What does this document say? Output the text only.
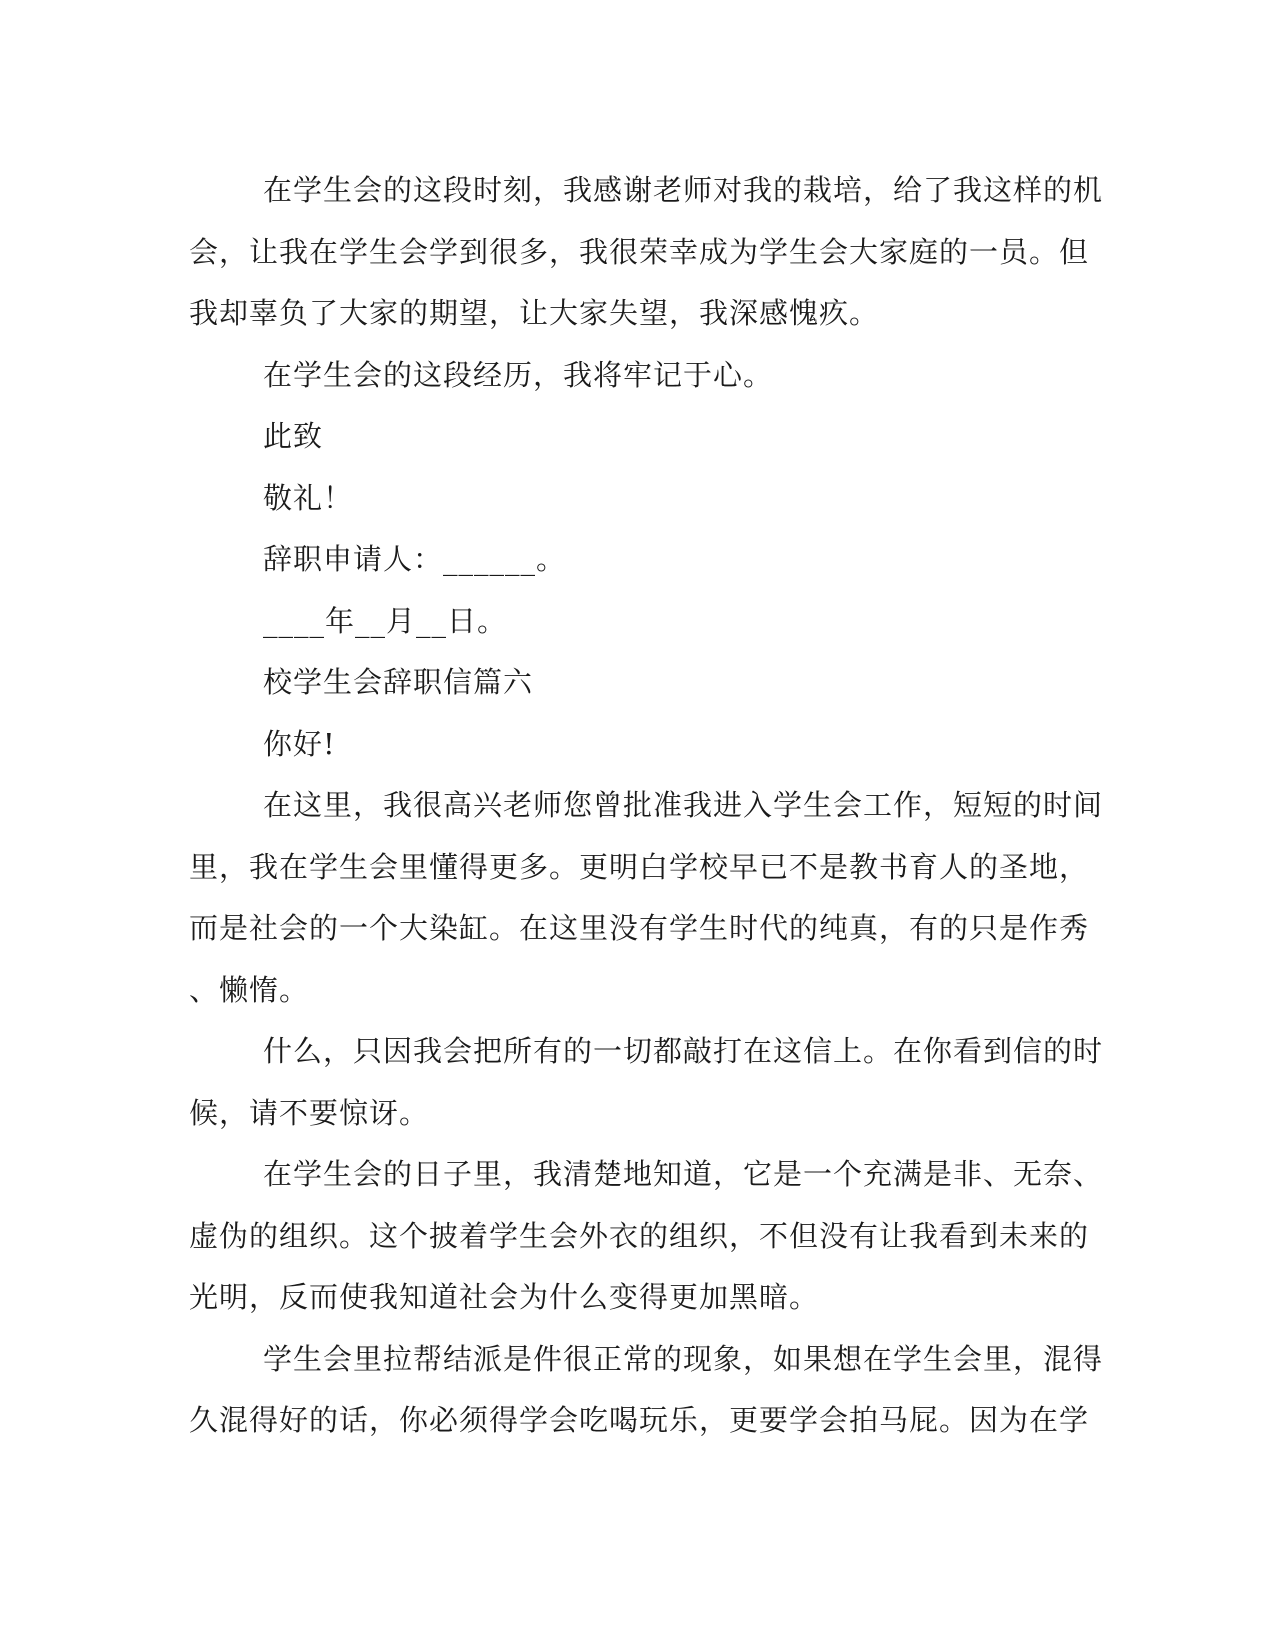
在学生会的这段时刻，我感谢老师对我的栽培，给了我这样的机
会，让我在学生会学到很多，我很荣幸成为学生会大家庭的一员。但
我却辜负了大家的期望，让大家失望，我深感愧疚。
在学生会的这段经历，我将牢记于心。
此致
敬礼！
辞职申请人：______。
____年__月__日。
校学生会辞职信篇六
你好!
在这里，我很高兴老师您曾批准我进入学生会工作，短短的时间
里，我在学生会里懂得更多。更明白学校早已不是教书育人的圣地，
而是社会的一个大染缸。在这里没有学生时代的纯真，有的只是作秀
、懒惰。
什么，只因我会把所有的一切都敲打在这信上。在你看到信的时
候，请不要惊讶。
在学生会的日子里，我清楚地知道，它是一个充满是非、无奈、
虚伪的组织。这个披着学生会外衣的组织，不但没有让我看到未来的
光明，反而使我知道社会为什么变得更加黑暗。
学生会里拉帮结派是件很正常的现象，如果想在学生会里，混得
久混得好的话，你必须得学会吃喝玩乐，更要学会拍马屁。因为在学
